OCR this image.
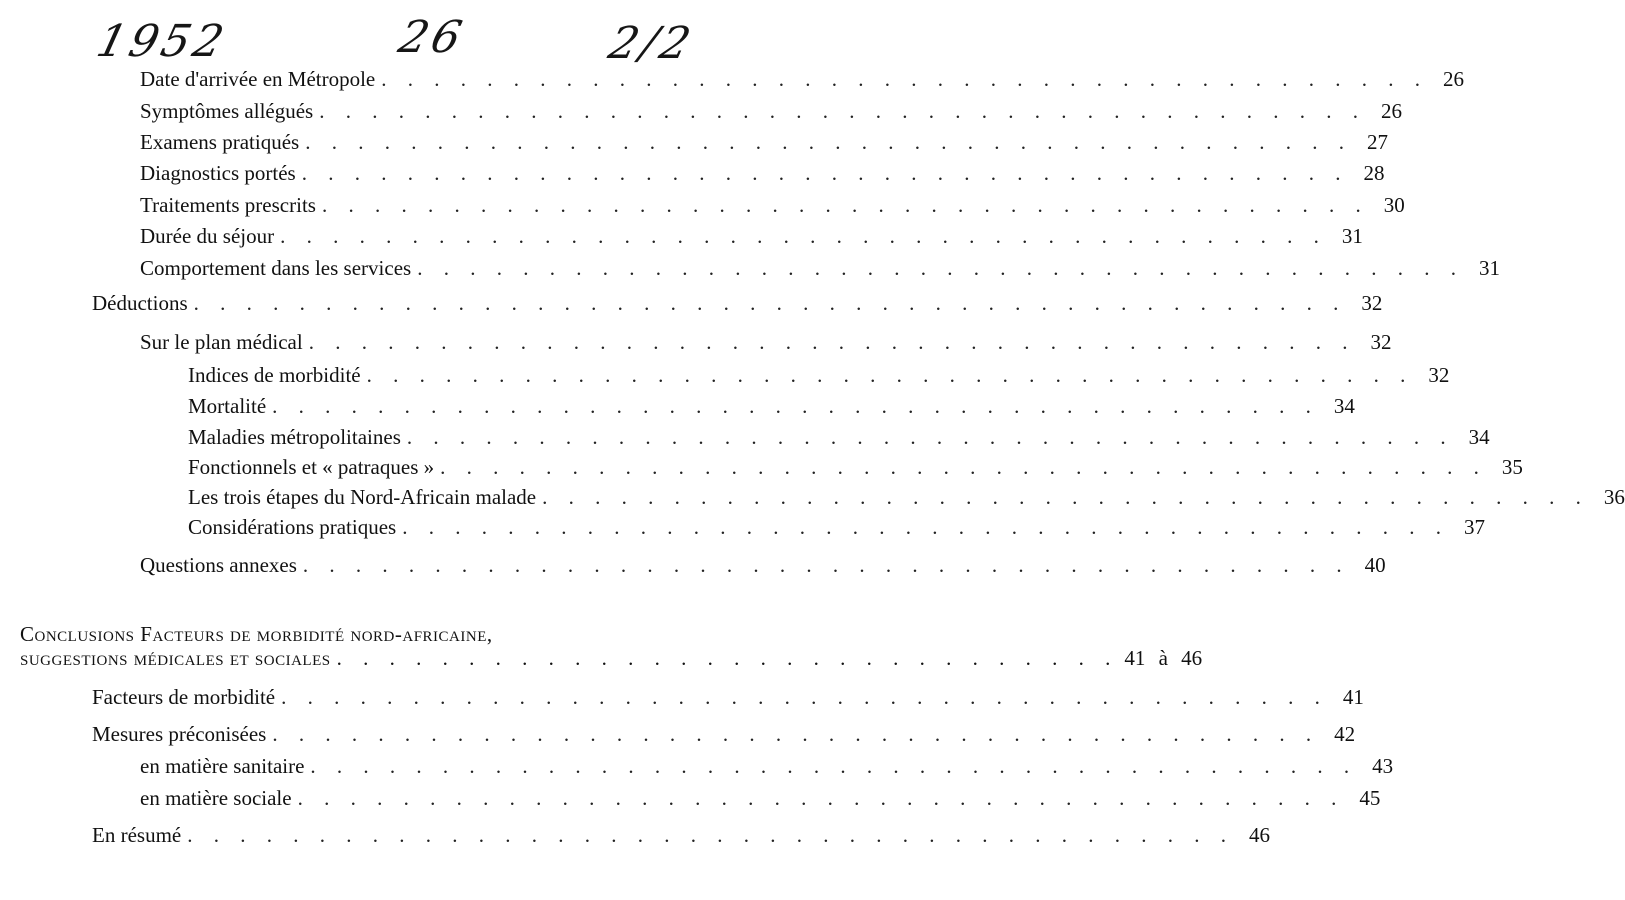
1952	26	2/2
Date d'arrivée en Métropole . . . . . . . . . . . . . . . . . . . . . . . . . . . . . . . . . . . . . . . . 26
Symptômes allégués . . . . . . . . . . . . . . . . . . . . . . . . . . . . . . . . . . . . . . . . 26
Examens pratiqués . . . . . . . . . . . . . . . . . . . . . . . . . . . . . . . . . . . . . . . . 27
Diagnostics portés . . . . . . . . . . . . . . . . . . . . . . . . . . . . . . . . . . . . . . . . 28
Traitements prescrits . . . . . . . . . . . . . . . . . . . . . . . . . . . . . . . . . . . . . . . . 30
Durée du séjour . . . . . . . . . . . . . . . . . . . . . . . . . . . . . . . . . . . . . . . . 31
Comportement dans les services . . . . . . . . . . . . . . . . . . . . . . . . . . . . . . . . . . . . . . . . 31
Déductions . . . . . . . . . . . . . . . . . . . . . . . . . . . . . . . . . . . . . . . . . . . . 32
Sur le plan médical . . . . . . . . . . . . . . . . . . . . . . . . . . . . . . . . . . . . . . . . 32
Indices de morbidité . . . . . . . . . . . . . . . . . . . . . . . . . . . . . . . . . . . . . . . . 32
Mortalité . . . . . . . . . . . . . . . . . . . . . . . . . . . . . . . . . . . . . . . . 34
Maladies métropolitaines . . . . . . . . . . . . . . . . . . . . . . . . . . . . . . . . . . . . . . . . 34
Fonctionnels et « patraques » . . . . . . . . . . . . . . . . . . . . . . . . . . . . . . . . . . . . . . . . 35
Les trois étapes du Nord-Africain malade . . . . . . . . . . . . . . . . . . . . . . . . . . . . . . . . . . . . . . . . 36
Considérations pratiques . . . . . . . . . . . . . . . . . . . . . . . . . . . . . . . . . . . . . . . . 37
Questions annexes . . . . . . . . . . . . . . . . . . . . . . . . . . . . . . . . . . . . . . . . 40
Conclusions Facteurs de morbidité nord-africaine,
suggestions médicales et sociales . . . . . . . . . . . . . . . . . . . . . . . . . . . . . . 41 à 46
Facteurs de morbidité . . . . . . . . . . . . . . . . . . . . . . . . . . . . . . . . . . . . . . . . 41
Mesures préconisées . . . . . . . . . . . . . . . . . . . . . . . . . . . . . . . . . . . . . . . . 42
en matière sanitaire . . . . . . . . . . . . . . . . . . . . . . . . . . . . . . . . . . . . . . . . 43
en matière sociale . . . . . . . . . . . . . . . . . . . . . . . . . . . . . . . . . . . . . . . . 45
En résumé . . . . . . . . . . . . . . . . . . . . . . . . . . . . . . . . . . . . . . . . 46
